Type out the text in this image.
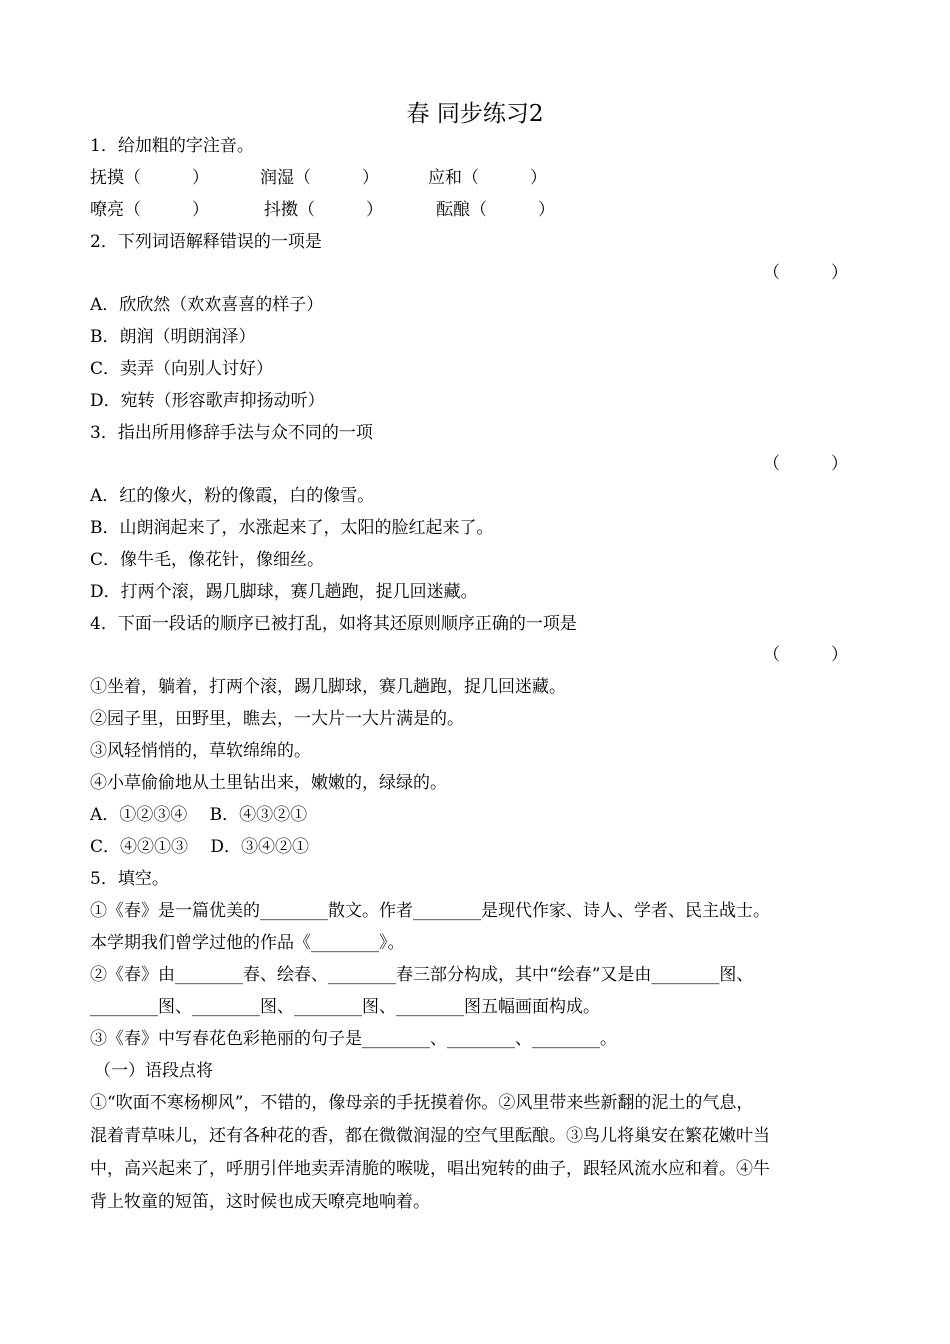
春 同步练习2
1．给加粗的字注音。
抚摸（　　　）	润湿（　　　）	应和（　　　）
嘹亮（　　　）	抖擞（　　　）	酝酿（　　　）
2．下列词语解释错误的一项是
（　　　）
A．欣欣然（欢欢喜喜的样子）
B．朗润（明朗润泽）
C．卖弄（向别人讨好）
D．宛转（形容歌声抑扬动听）
3．指出所用修辞手法与众不同的一项
（　　　）
A．红的像火，粉的像霞，白的像雪。
B．山朗润起来了，水涨起来了，太阳的脸红起来了。
C．像牛毛，像花针，像细丝。
D．打两个滚，踢几脚球，赛几趟跑，捉几回迷藏。
4．下面一段话的顺序已被打乱，如将其还原则顺序正确的一项是
（　　　）
①坐着，躺着，打两个滚，踢几脚球，赛几趟跑，捉几回迷藏。
②园子里，田野里，瞧去，一大片一大片满是的。
③风轻悄悄的，草软绵绵的。
④小草偷偷地从土里钻出来，嫩嫩的，绿绿的。
A．①②③④　 B．④③②①
C．④②①③　 D．③④②①
5．填空。
①《春》是一篇优美的________散文。作者________是现代作家、诗人、学者、民主战士。
本学期我们曾学过他的作品《________》。
②《春》由________春、绘春、________春三部分构成，其中“绘春”又是由________图、
________图、________图、________图、________图五幅画面构成。
③《春》中写春花色彩艳丽的句子是________、________、________。
（一）语段点将
①“吹面不寒杨柳风”，不错的，像母亲的手抚摸着你。②风里带来些新翻的泥土的气息，
混着青草味儿，还有各种花的香，都在微微润湿的空气里酝酿。③鸟儿将巢安在繁花嫩叶当
中，高兴起来了，呼朋引伴地卖弄清脆的喉咙，唱出宛转的曲子，跟轻风流水应和着。④牛
背上牧童的短笛，这时候也成天嘹亮地响着。
